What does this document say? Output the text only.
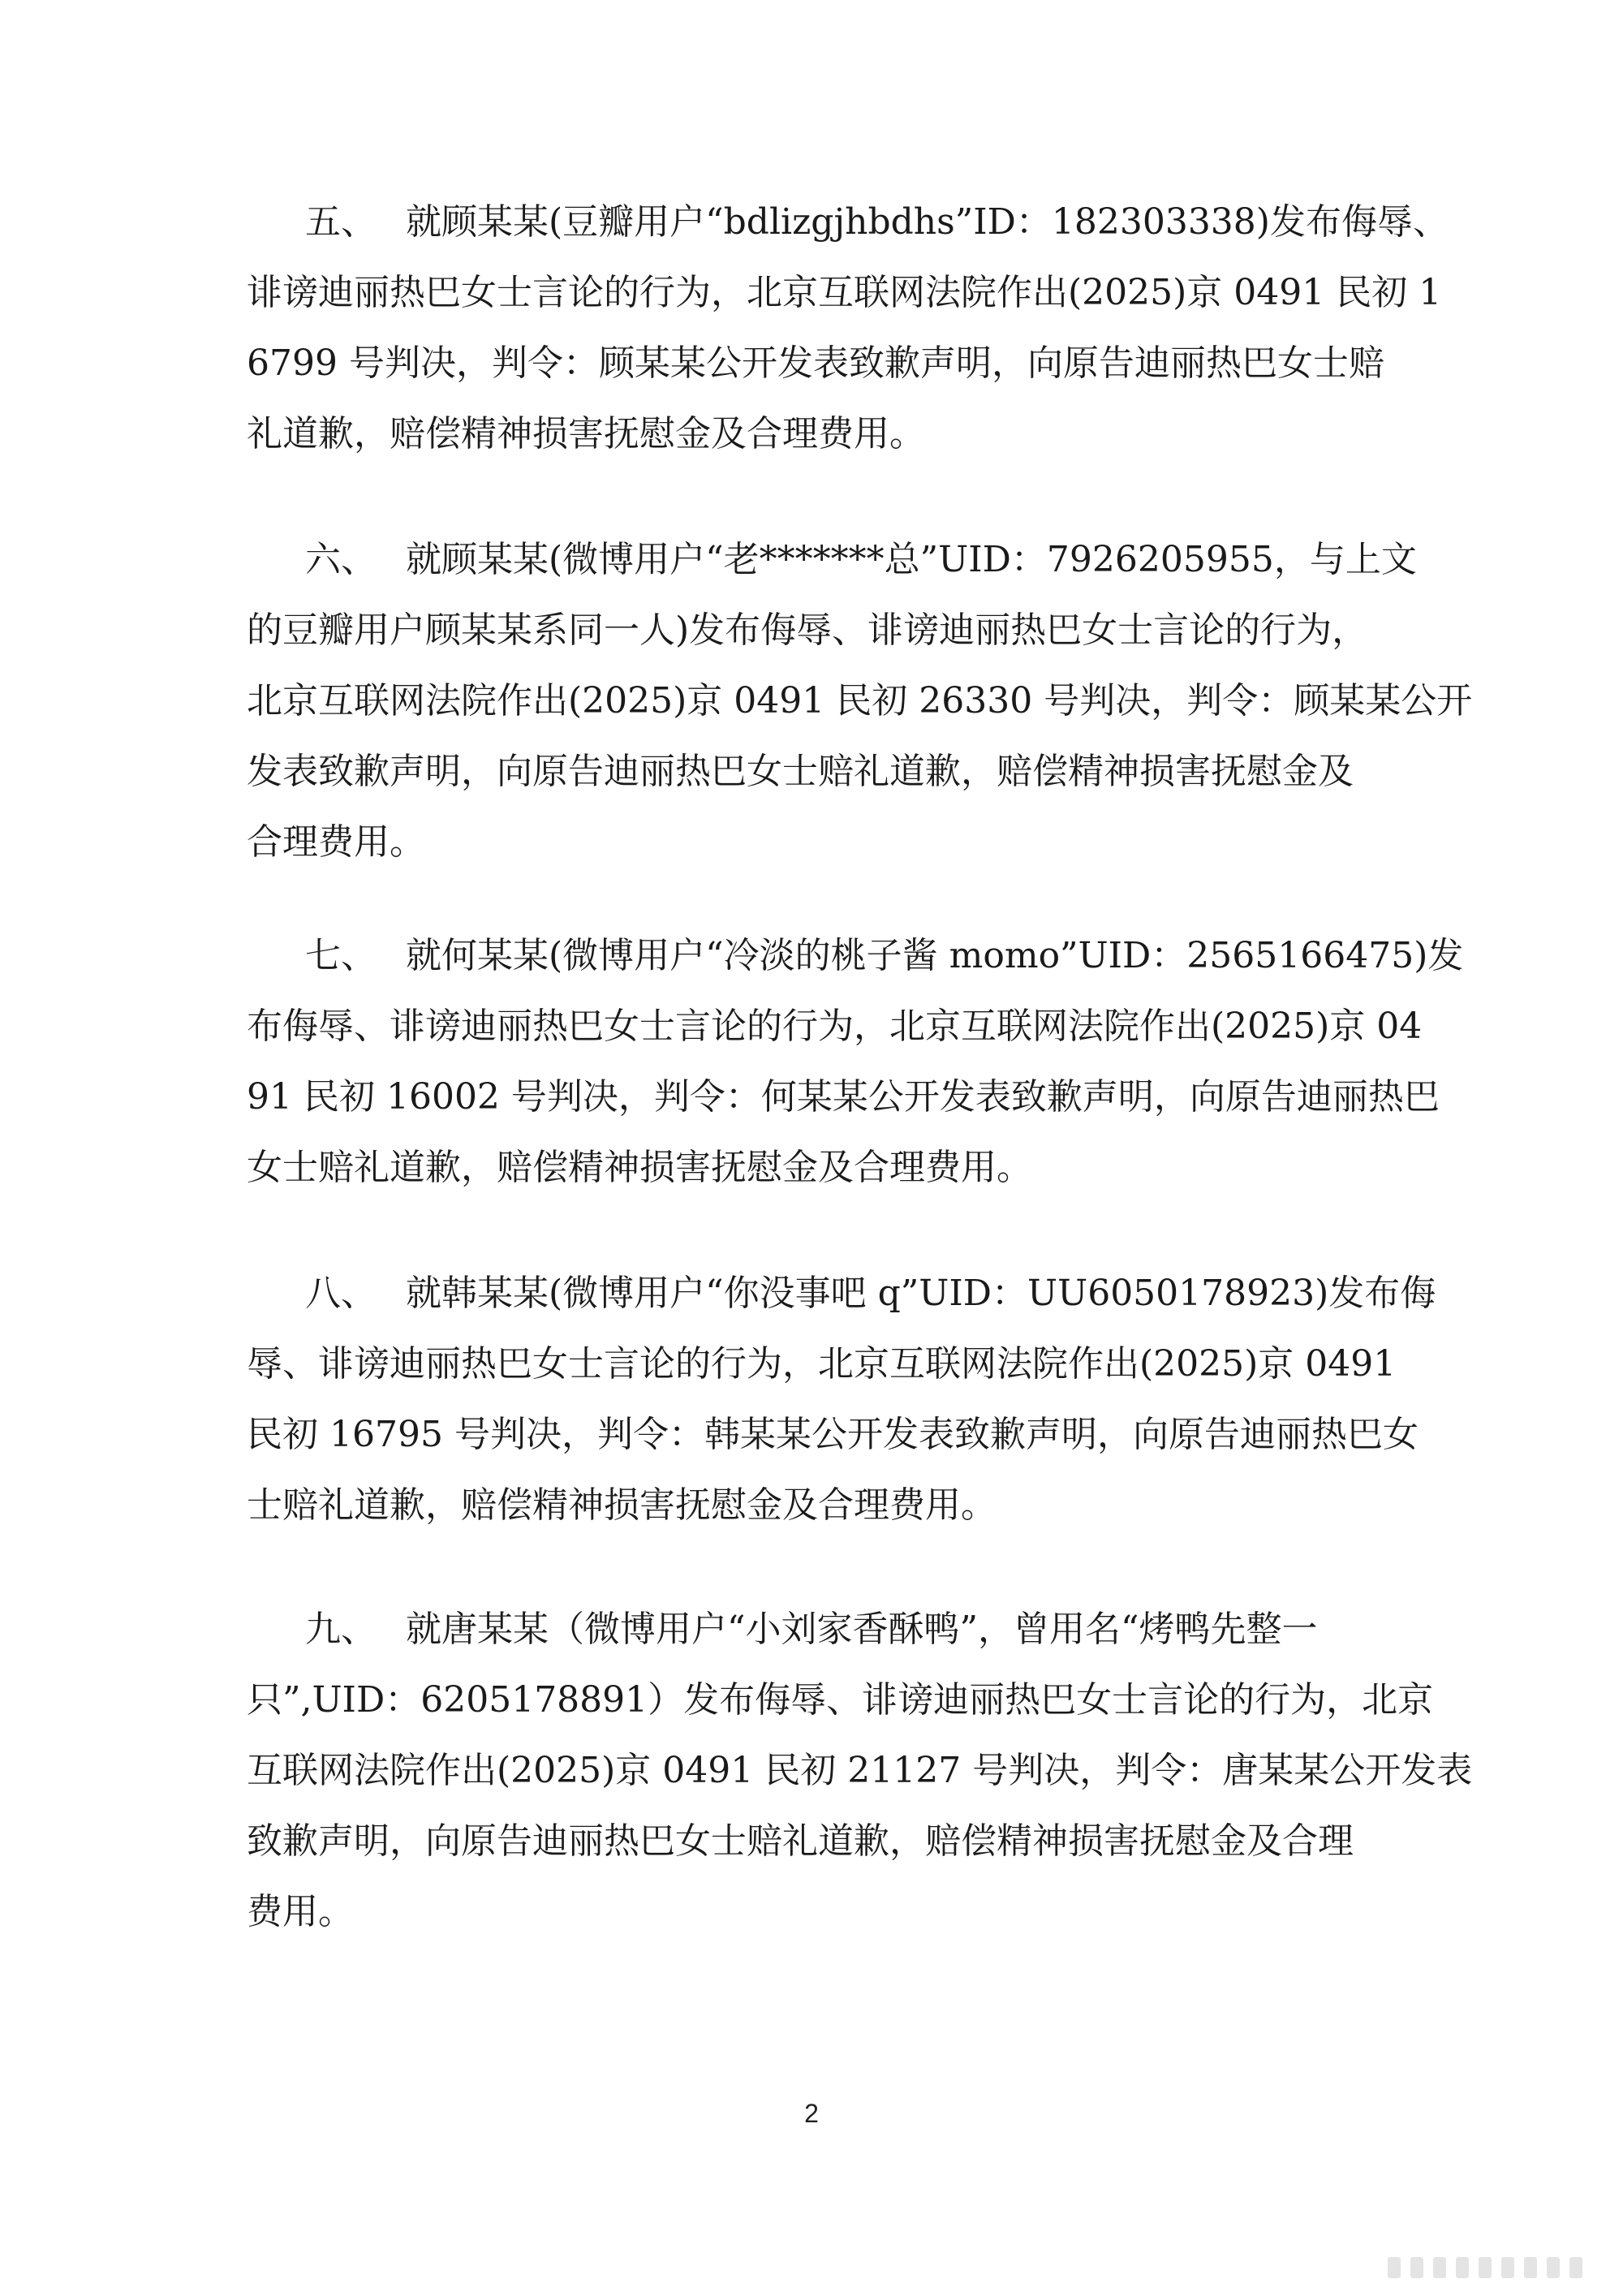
五、　 就顾某某(豆瓣用户“bdlizgjhbdhs”ID：182303338)发布侮辱、
诽谤迪丽热巴女士言论的行为，北京互联网法院作出(2025)京 0491 民初 1
6799 号判决，判令：顾某某公开发表致歉声明，向原告迪丽热巴女士赔
礼道歉，赔偿精神损害抚慰金及合理费用。
六、　 就顾某某(微博用户“老*******总”UID：7926205955，与上文
的豆瓣用户顾某某系同一人)发布侮辱、诽谤迪丽热巴女士言论的行为，
北京互联网法院作出(2025)京 0491 民初 26330 号判决，判令：顾某某公开
发表致歉声明，向原告迪丽热巴女士赔礼道歉，赔偿精神损害抚慰金及
合理费用。
七、　 就何某某(微博用户“冷淡的桃子酱 momo”UID：2565166475)发
布侮辱、诽谤迪丽热巴女士言论的行为，北京互联网法院作出(2025)京 04
91 民初 16002 号判决，判令：何某某公开发表致歉声明，向原告迪丽热巴
女士赔礼道歉，赔偿精神损害抚慰金及合理费用。
八、　 就韩某某(微博用户“你没事吧 q”UID：UU6050178923)发布侮
辱、诽谤迪丽热巴女士言论的行为，北京互联网法院作出(2025)京 0491
民初 16795 号判决，判令：韩某某公开发表致歉声明，向原告迪丽热巴女
士赔礼道歉，赔偿精神损害抚慰金及合理费用。
九、　 就唐某某（微博用户“小刘家香酥鸭”，曾用名“烤鸭先整一
只”,UID：6205178891）发布侮辱、诽谤迪丽热巴女士言论的行为，北京
互联网法院作出(2025)京 0491 民初 21127 号判决，判令：唐某某公开发表
致歉声明，向原告迪丽热巴女士赔礼道歉，赔偿精神损害抚慰金及合理
费用。
2
